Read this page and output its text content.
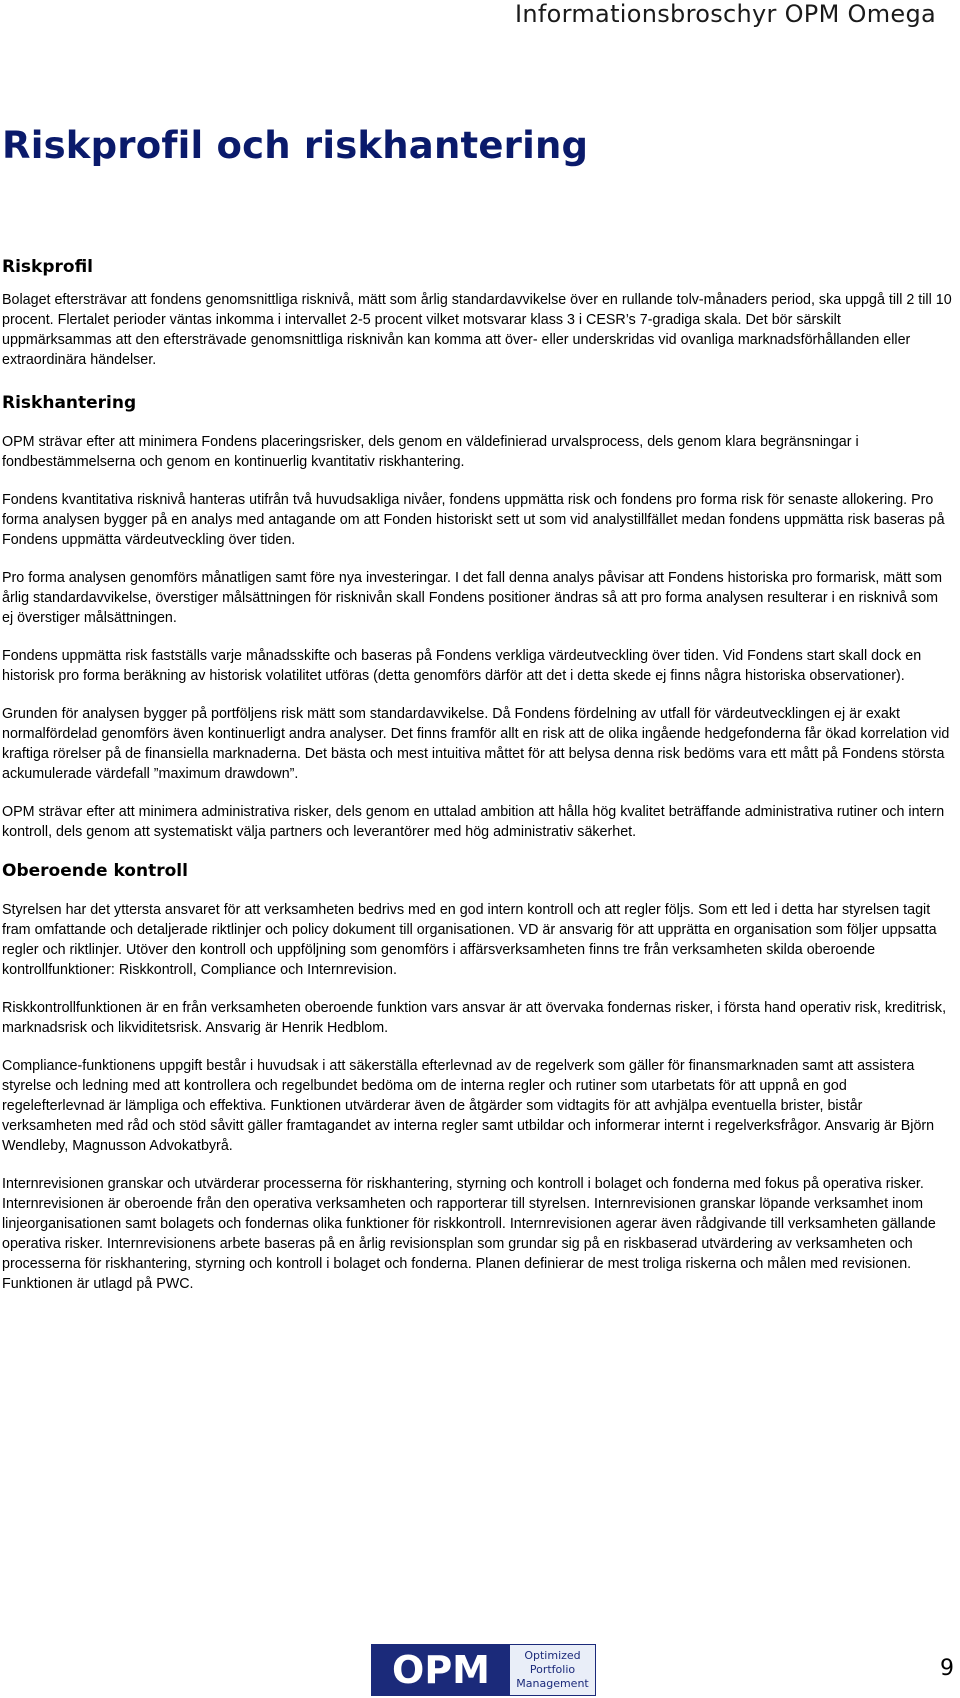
Informationsbroschyr OPM Omega
Riskprofil och riskhantering
Riskprofil

Bolaget eftersträvar att fondens genomsnittliga risknivå, mätt som årlig standardavvikelse över en rullande tolv-månaders period, ska uppgå till 2 till 10 procent. Flertalet perioder väntas inkomma i intervallet 2-5 procent vilket motsvarar klass 3 i CESR’s 7-gradiga skala. Det bör särskilt uppmärksammas att den eftersträvade genomsnittliga risknivån kan komma att över- eller underskridas vid ovanliga marknadsförhållanden eller extraordinära händelser.

Riskhantering

OPM strävar efter att minimera Fondens placeringsrisker, dels genom en väldefinierad urvalsprocess, dels genom klara begränsningar i fondbestämmelserna och genom en kontinuerlig kvantitativ riskhantering.

Fondens kvantitativa risknivå hanteras utifrån två huvudsakliga nivåer, fondens uppmätta risk och fondens pro forma risk för senaste allokering. Pro forma analysen bygger på en analys med antagande om att Fonden historiskt sett ut som vid analystillfället medan fondens uppmätta risk baseras på Fondens uppmätta värdeutveckling över tiden.

Pro forma analysen genomförs månatligen samt före nya investeringar. I det fall denna analys påvisar att Fondens historiska pro formarisk, mätt som årlig standardavvikelse, överstiger målsättningen för risknivån skall Fondens positioner ändras så att pro forma analysen resulterar i en risknivå som ej överstiger målsättningen.

Fondens uppmätta risk fastställs varje månadsskifte och baseras på Fondens verkliga värdeutveckling över tiden. Vid Fondens start skall dock en historisk pro forma beräkning av historisk volatilitet utföras (detta genomförs därför att det i detta skede ej finns några historiska observationer).

Grunden för analysen bygger på portföljens risk mätt som standardavvikelse. Då Fondens fördelning av utfall för värdeutvecklingen ej är exakt normalfördelad genomförs även kontinuerligt andra analyser. Det finns framför allt en risk att de olika ingående hedgefonderna får ökad korrelation vid kraftiga rörelser på de finansiella marknaderna. Det bästa och mest intuitiva måttet för att belysa denna risk bedöms vara ett mått på Fondens största ackumulerade värdefall ”maximum drawdown”.

OPM strävar efter att minimera administrativa risker, dels genom en uttalad ambition att hålla hög kvalitet beträffande administrativa rutiner och intern kontroll, dels genom att systematiskt välja partners och leverantörer med hög administrativ säkerhet.

Oberoende kontroll

Styrelsen har det yttersta ansvaret för att verksamheten bedrivs med en god intern kontroll och att regler följs. Som ett led i detta har styrelsen tagit fram omfattande och detaljerade riktlinjer och policy dokument till organisationen. VD är ansvarig för att upprätta en organisation som följer uppsatta regler och riktlinjer. Utöver den kontroll och uppföljning som genomförs i affärsverksamheten finns tre från verksamheten skilda oberoende kontrollfunktioner: Riskkontroll, Compliance och Internrevision.

Riskkontrollfunktionen är en från verksamheten oberoende funktion vars ansvar är att övervaka fondernas risker, i första hand operativ risk, kreditrisk, marknadsrisk och likviditetsrisk. Ansvarig är Henrik Hedblom.

Compliance-funktionens uppgift består i huvudsak i att säkerställa efterlevnad av de regelverk som gäller för finansmarknaden samt att assistera styrelse och ledning med att kontrollera och regelbundet bedöma om de interna regler och rutiner som utarbetats för att uppnå en god regelefterlevnad är lämpliga och effektiva. Funktionen utvärderar även de åtgärder som vidtagits för att avhjälpa eventuella brister, bistår verksamheten med råd och stöd såvitt gäller framtagandet av interna regler samt utbildar och informerar internt i regelverksfrågor. Ansvarig är Björn Wendleby, Magnusson Advokatbyrå.

Internrevisionen granskar och utvärderar processerna för riskhantering, styrning och kontroll i bolaget och fonderna med fokus på operativa risker. Internrevisionen är oberoende från den operativa verksamheten och rapporterar till styrelsen. Internrevisionen granskar löpande verksamhet inom linjeorganisationen samt bolagets och fondernas olika funktioner för riskkontroll. Internrevisionen agerar även rådgivande till verksamheten gällande operativa risker. Internrevisionens arbete baseras på en årlig revisionsplan som grundar sig på en riskbaserad utvärdering av verksamheten och processerna för riskhantering, styrning och kontroll i bolaget och fonderna. Planen definierar de mest troliga riskerna och målen med revisionen. Funktionen är utlagd på PWC.

OPM	Optimized
Portfolio
Management
9
